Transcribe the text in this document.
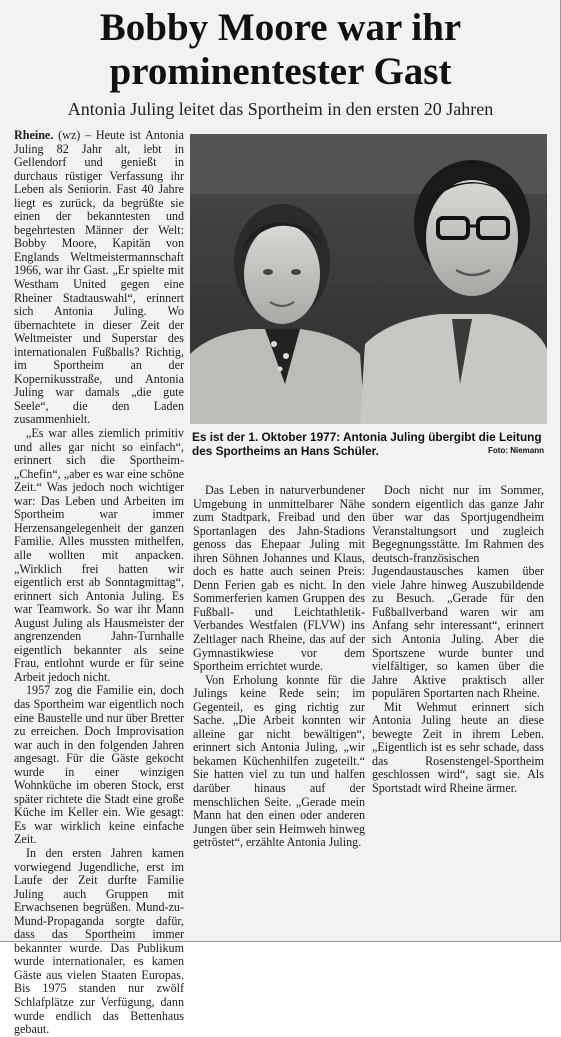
Bobby Moore war ihr
prominentester Gast
Antonia Juling leitet das Sportheim in den ersten 20 Jahren

Rheine. (wz) – Heute ist Antonia Juling 82 Jahr alt, lebt in Gellendorf und genießt in durchaus rüstiger Verfassung ihr Leben als Seniorin. Fast 40 Jahre liegt es zurück, da begrüßte sie einen der bekanntesten und begehrtesten Männer der Welt: Bobby Moore, Kapitän von Englands Weltmeistermannschaft 1966, war ihr Gast. „Er spielte mit Westham United gegen eine Rheiner Stadtauswahl“, erinnert sich Antonia Juling. Wo übernachtete in dieser Zeit der Weltmeister und Superstar des internationalen Fußballs? Richtig, im Sportheim an der Kopernikusstraße, und Antonia Juling war damals „die gute Seele“, die den Laden zusammenhielt.

„Es war alles ziemlich primitiv und alles gar nicht so einfach“, erinnert sich die Sportheim-„Chefin“, „aber es war eine schöne Zeit.“ Was jedoch noch wichtiger war: Das Leben und Arbeiten im Sportheim war immer Herzensangelegenheit der ganzen Familie. Alles mussten mithelfen, alle wollten mit anpacken. „Wirklich frei hatten wir eigentlich erst ab Sonntagmittag“, erinnert sich Antonia Juling. Es war Teamwork. So war ihr Mann August Juling als Hausmeister der angrenzenden Jahn-Turnhalle eigentlich bekannter als seine Frau, entlohnt wurde er für seine Arbeit jedoch nicht.

1957 zog die Familie ein, doch das Sportheim war eigentlich noch eine Baustelle und nur über Bretter zu erreichen. Doch Improvisation war auch in den folgenden Jahren angesagt. Für die Gäste gekocht wurde in einer winzigen Wohnküche im oberen Stock, erst später richtete die Stadt eine große Küche im Keller ein. Wie gesagt: Es war wirklich keine einfache Zeit.

In den ersten Jahren kamen vorwiegend Jugendliche, erst im Laufe der Zeit durfte Familie Juling auch Gruppen mit Erwachsenen begrüßen. Mund-zu-Mund-Propaganda sorgte dafür, dass das Sportheim immer bekannter wurde. Das Publikum wurde internationaler, es kamen Gäste aus vielen Staaten Europas. Bis 1975 standen nur zwölf Schlafplätze zur Verfügung, dann wurde endlich das Bettenhaus gebaut.

Es ist der 1. Oktober 1977: Antonia Juling übergibt die Leitung des Sportheims an Hans Schüler.	Foto: Niemann

Das Leben in naturverbundener Umgebung in unmittelbarer Nähe zum Stadtpark, Freibad und den Sportanlagen des Jahn-Stadions genoss das Ehepaar Juling mit ihren Söhnen Johannes und Klaus, doch es hatte auch seinen Preis: Denn Ferien gab es nicht. In den Sommerferien kamen Gruppen des Fußball- und Leichtathletik-Verbandes Westfalen (FLVW) ins Zeltlager nach Rheine, das auf der Gymnastikwiese vor dem Sportheim errichtet wurde.

Von Erholung konnte für die Julings keine Rede sein; im Gegenteil, es ging richtig zur Sache. „Die Arbeit konnten wir alleine gar nicht bewältigen“, erinnert sich Antonia Juling, „wir bekamen Küchenhilfen zugeteilt.“ Sie hatten viel zu tun und halfen darüber hinaus auf der menschlichen Seite. „Gerade mein Mann hat den einen oder anderen Jungen über sein Heimweh hinweg getröstet“, erzählte Antonia Juling.

Doch nicht nur im Sommer, sondern eigentlich das ganze Jahr über war das Sportjugendheim Veranstaltungsort und zugleich Begegnungsstätte. Im Rahmen des deutsch-französischen Jugendaustausches kamen über viele Jahre hinweg Auszubildende zu Besuch. „Gerade für den Fußballverband waren wir am Anfang sehr interessant“, erinnert sich Antonia Juling. Aber die Sportszene wurde bunter und vielfältiger, so kamen über die Jahre Aktive praktisch aller populären Sportarten nach Rheine.

Mit Wehmut erinnert sich Antonia Juling heute an diese bewegte Zeit in ihrem Leben. „Eigentlich ist es sehr schade, dass das Rosenstengel-Sportheim geschlossen wird“, sagt sie. Als Sportstadt wird Rheine ärmer.
